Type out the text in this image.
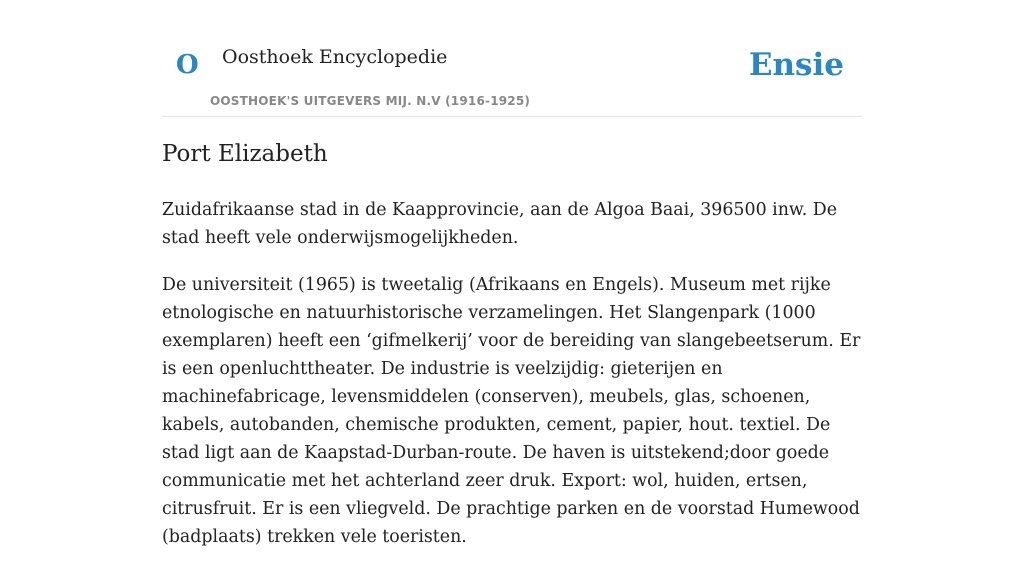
O Oosthoek Encyclopedie
OOSTHOEK'S UITGEVERS MIJ. N.V (1916-1925)
Ensie
Port Elizabeth

Zuidafrikaanse stad in de Kaapprovincie, aan de Algoa Baai, 396500 inw. De stad heeft vele onderwijsmogelijkheden.

De universiteit (1965) is tweetalig (Afrikaans en Engels). Museum met rijke etnologische en natuurhistorische verzamelingen. Het Slangenpark (1000 exemplaren) heeft een ‘gifmelkerij’ voor de bereiding van slangebeetserum. Er is een openluchttheater. De industrie is veelzijdig: gieterijen en machinefabricage, levensmiddelen (conserven), meubels, glas, schoenen, kabels, autobanden, chemische produkten, cement, papier, hout. textiel. De stad ligt aan de Kaapstad-Durban-route. De haven is uitstekend;door goede communicatie met het achterland zeer druk. Export: wol, huiden, ertsen, citrusfruit. Er is een vliegveld. De prachtige parken en de voorstad Humewood (badplaats) trekken vele toeristen.
